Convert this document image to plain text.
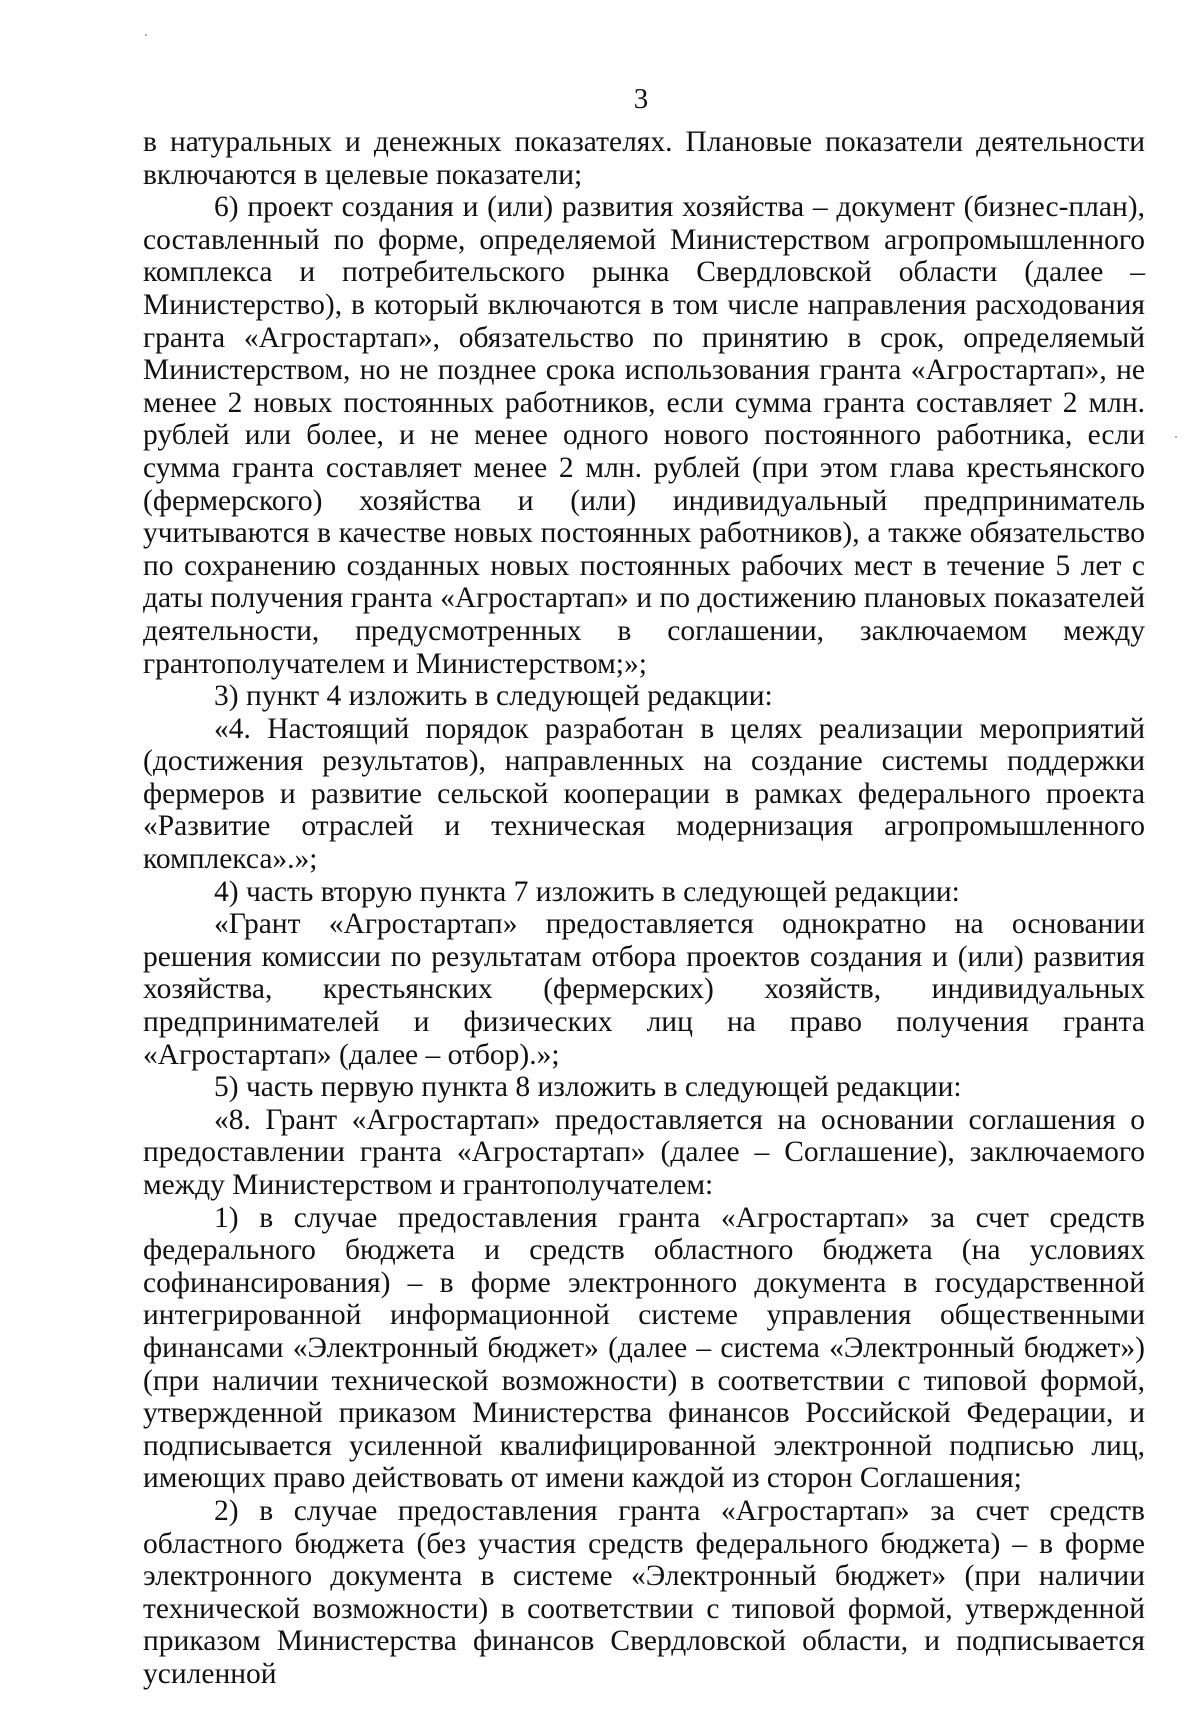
3

в натуральных и денежных показателях. Плановые показатели деятельности включаются в целевые показатели;

6) проект создания и (или) развития хозяйства – документ (бизнес-план), составленный по форме, определяемой Министерством агропромышленного комплекса и потребительского рынка Свердловской области (далее – Министерство), в который включаются в том числе направления расходования гранта «Агростартап», обязательство по принятию в срок, определяемый Министерством, но не позднее срока использования гранта «Агростартап», не менее 2 новых постоянных работников, если сумма гранта составляет 2 млн. рублей или более, и не менее одного нового постоянного работника, если сумма гранта составляет менее 2 млн. рублей (при этом глава крестьянского (фермерского) хозяйства и (или) индивидуальный предприниматель учитываются в качестве новых постоянных работников), а также обязательство по сохранению созданных новых постоянных рабочих мест в течение 5 лет с даты получения гранта «Агростартап» и по достижению плановых показателей деятельности, предусмотренных в соглашении, заключаемом между грантополучателем и Министерством;»;

3) пункт 4 изложить в следующей редакции:

«4. Настоящий порядок разработан в целях реализации мероприятий (достижения результатов), направленных на создание системы поддержки фермеров и развитие сельской кооперации в рамках федерального проекта «Развитие отраслей и техническая модернизация агропромышленного комплекса».»;

4) часть вторую пункта 7 изложить в следующей редакции:

«Грант «Агростартап» предоставляется однократно на основании решения комиссии по результатам отбора проектов создания и (или) развития хозяйства, крестьянских (фермерских) хозяйств, индивидуальных предпринимателей и физических лиц на право получения гранта «Агростартап» (далее – отбор).»;

5) часть первую пункта 8 изложить в следующей редакции:

«8. Грант «Агростартап» предоставляется на основании соглашения о предоставлении гранта «Агростартап» (далее – Соглашение), заключаемого между Министерством и грантополучателем:

1) в случае предоставления гранта «Агростартап» за счет средств федерального бюджета и средств областного бюджета (на условиях софинансирования) – в форме электронного документа в государственной интегрированной информационной системе управления общественными финансами «Электронный бюджет» (далее – система «Электронный бюджет») (при наличии технической возможности) в соответствии с типовой формой, утвержденной приказом Министерства финансов Российской Федерации, и подписывается усиленной квалифицированной электронной подписью лиц, имеющих право действовать от имени каждой из сторон Соглашения;

2) в случае предоставления гранта «Агростартап» за счет средств областного бюджета (без участия средств федерального бюджета) – в форме электронного документа в системе «Электронный бюджет» (при наличии технической возможности) в соответствии с типовой формой, утвержденной приказом Министерства финансов Свердловской области, и подписывается усиленной
